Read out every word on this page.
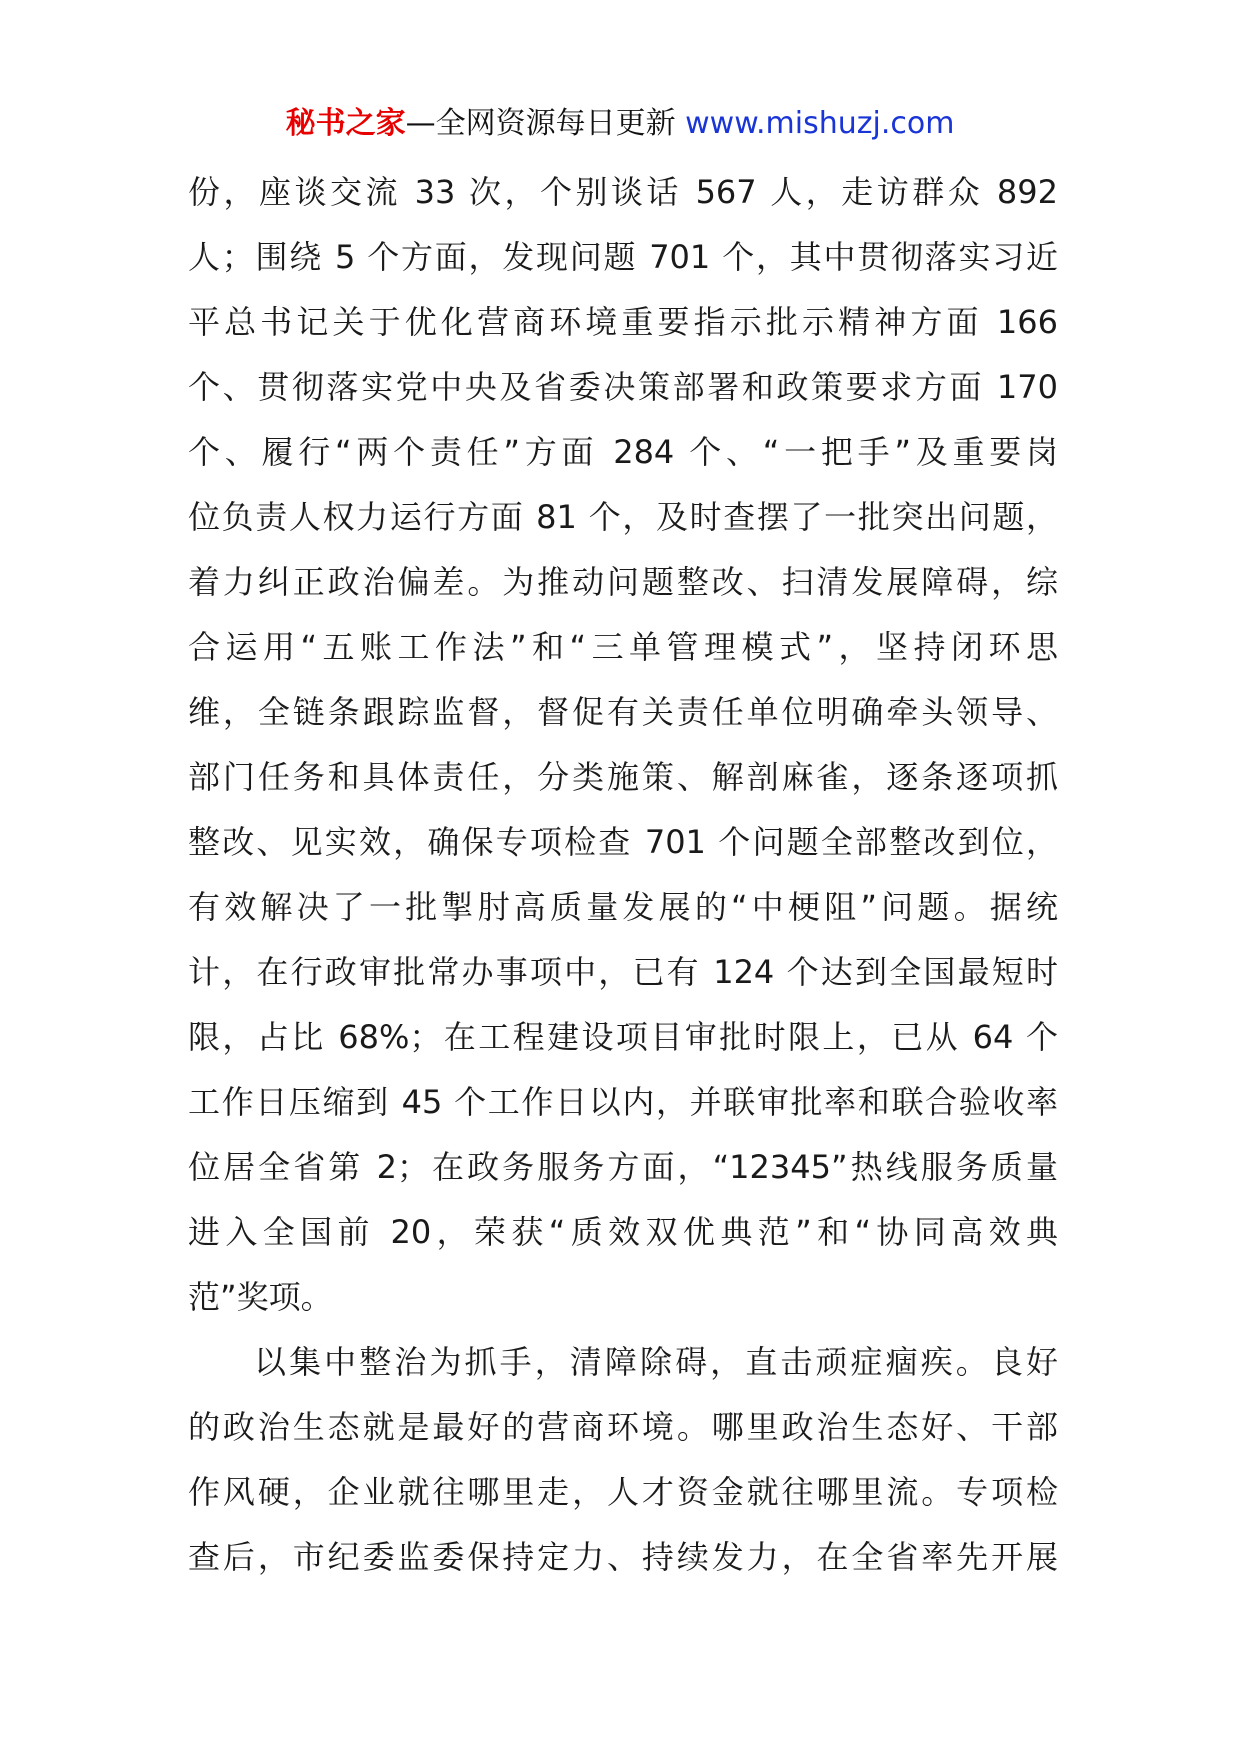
秘书之家—全网资源每日更新 www.mishuzj.com
份，座谈交流 33 次，个别谈话 567 人，走访群众 892
人；围绕 5 个方面，发现问题 701 个，其中贯彻落实习近
平总书记关于优化营商环境重要指示批示精神方面 166
个、贯彻落实党中央及省委决策部署和政策要求方面 170
个、履行“两个责任”方面 284 个、“一把手”及重要岗
位负责人权力运行方面 81 个，及时查摆了一批突出问题，
着力纠正政治偏差。为推动问题整改、扫清发展障碍，综
合运用“五账工作法”和“三单管理模式”，坚持闭环思
维，全链条跟踪监督，督促有关责任单位明确牵头领导、
部门任务和具体责任，分类施策、解剖麻雀，逐条逐项抓
整改、见实效，确保专项检查 701 个问题全部整改到位，
有效解决了一批掣肘高质量发展的“中梗阻”问题。据统
计，在行政审批常办事项中，已有 124 个达到全国最短时
限，占比 68%；在工程建设项目审批时限上，已从 64 个
工作日压缩到 45 个工作日以内，并联审批率和联合验收率
位居全省第 2；在政务服务方面，“12345”热线服务质量
进入全国前 20，荣获“质效双优典范”和“协同高效典
范”奖项。
以集中整治为抓手，清障除碍，直击顽症痼疾。良好
的政治生态就是最好的营商环境。哪里政治生态好、干部
作风硬，企业就往哪里走，人才资金就往哪里流。专项检
查后，市纪委监委保持定力、持续发力，在全省率先开展
